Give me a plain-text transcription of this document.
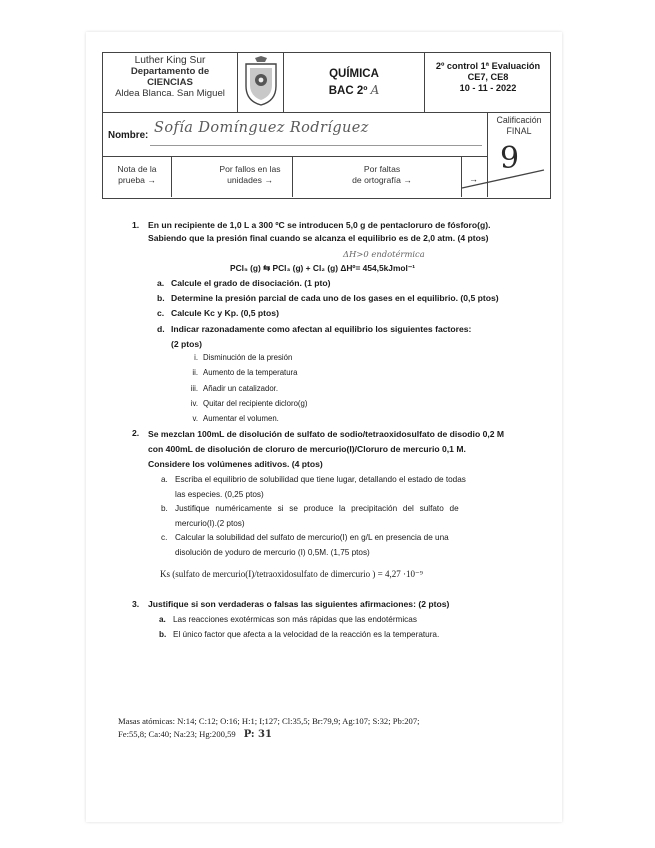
Luther King Sur
Departamento de
CIENCIAS
Aldea Blanca. San Miguel
QUÍMICA
BAC 2º A
2º control 1ª Evaluación
CE7, CE8
10 - 11 - 2022
Nombre: Sofía Domínguez Rodríguez	Calificación
FINAL
9
Nota de la
prueba →
Por fallos en las
unidades →
Por faltas
de ortografía →	→
1. En un recipiente de 1,0 L a 300 ºC se introducen 5,0 g de pentacloruro de fósforo(g).
Sabiendo que la presión final cuando se alcanza el equilibrio es de 2,0 atm. (4 ptos)
ΔH>0 endotérmica
PCl₅ (g) ⇆ PCl₃ (g) + Cl₂ (g) ΔHº= 454,5kJmol⁻¹
a. Calcule el grado de disociación. (1 pto)
b. Determine la presión parcial de cada uno de los gases en el equilibrio. (0,5 ptos)
c. Calcule Kc y Kp. (0,5 ptos)
d. Indicar razonadamente como afectan al equilibrio los siguientes factores:
(2 ptos)
i. Disminución de la presión
ii. Aumento de la temperatura
iii. Añadir un catalizador.
iv. Quitar del recipiente dicloro(g)
v. Aumentar el volumen.
2. Se mezclan 100mL de disolución de sulfato de sodio/tetraoxidosulfato de disodio 0,2 M
con 400mL de disolución de cloruro de mercurio(I)/Cloruro de mercurio 0,1 M.
Considere los volúmenes aditivos. (4 ptos)
a. Escriba el equilibrio de solubilidad que tiene lugar, detallando el estado de todas
las especies. (0,25 ptos)
b. Justifique numéricamente si se produce la precipitación del sulfato de
mercurio(I).(2 ptos)
c. Calcular la solubilidad del sulfato de mercurio(I) en g/L en presencia de una
disolución de yoduro de mercurio (I) 0,5M. (1,75 ptos)
Ks (sulfato de mercurio(I)/tetraoxidosulfato de dimercurio ) = 4,27 ·10⁻⁹
3. Justifique si son verdaderas o falsas las siguientes afirmaciones: (2 ptos)
a. Las reacciones exotérmicas son más rápidas que las endotérmicas
b. El único factor que afecta a la velocidad de la reacción es la temperatura.
Masas atómicas: N:14; C:12; O:16; H:1; I;127; Cl:35,5; Br:79,9; Ag:107; S:32; Pb:207;
Fe:55,8; Ca:40; Na:23; Hg:200,59 P: 31
